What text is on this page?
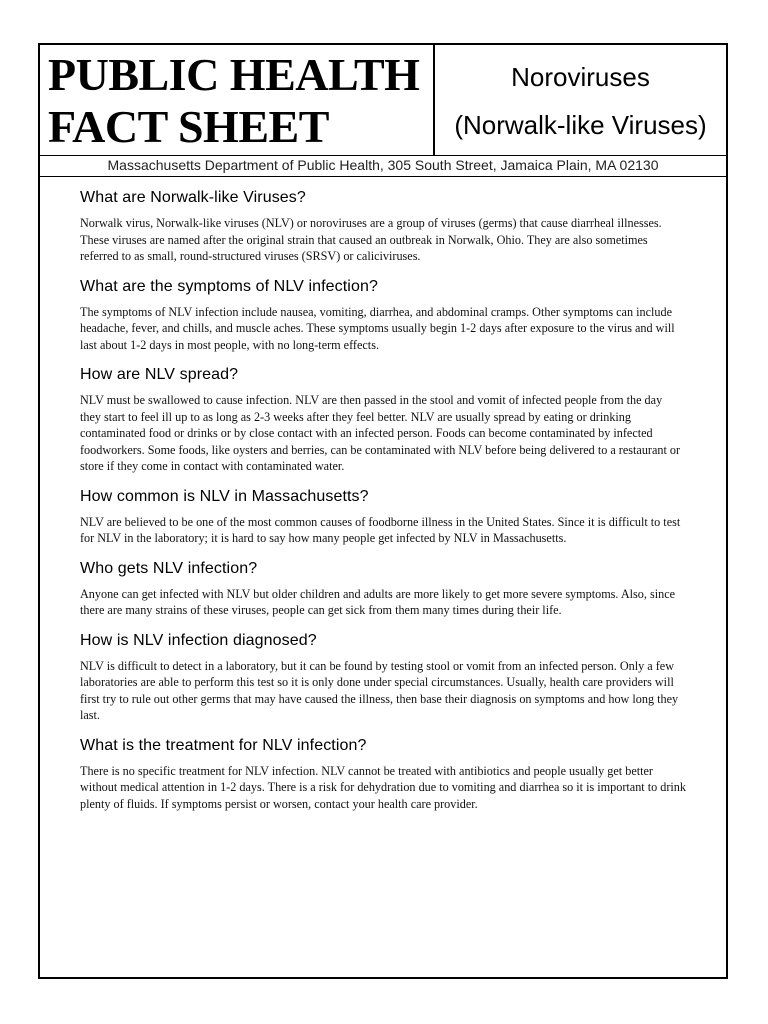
PUBLIC HEALTH
FACT SHEET
Noroviruses
(Norwalk-like Viruses)
Massachusetts Department of Public Health, 305 South Street, Jamaica Plain, MA 02130
What are Norwalk-like Viruses?

Norwalk virus, Norwalk-like viruses (NLV) or noroviruses are a group of viruses (germs) that cause diarrheal illnesses. These viruses are named after the original strain that caused an outbreak in Norwalk, Ohio. They are also sometimes referred to as small, round-structured viruses (SRSV) or caliciviruses.

What are the symptoms of NLV infection?

The symptoms of NLV infection include nausea, vomiting, diarrhea, and abdominal cramps. Other symptoms can include headache, fever, and chills, and muscle aches. These symptoms usually begin 1-2 days after exposure to the virus and will last about 1-2 days in most people, with no long-term effects.

How are NLV spread?

NLV must be swallowed to cause infection. NLV are then passed in the stool and vomit of infected people from the day they start to feel ill up to as long as 2-3 weeks after they feel better. NLV are usually spread by eating or drinking contaminated food or drinks or by close contact with an infected person. Foods can become contaminated by infected foodworkers. Some foods, like oysters and berries, can be contaminated with NLV before being delivered to a restaurant or store if they come in contact with contaminated water.

How common is NLV in Massachusetts?

NLV are believed to be one of the most common causes of foodborne illness in the United States. Since it is difficult to test for NLV in the laboratory; it is hard to say how many people get infected by NLV in Massachusetts.

Who gets NLV infection?

Anyone can get infected with NLV but older children and adults are more likely to get more severe symptoms. Also, since there are many strains of these viruses, people can get sick from them many times during their life.

How is NLV infection diagnosed?

NLV is difficult to detect in a laboratory, but it can be found by testing stool or vomit from an infected person. Only a few laboratories are able to perform this test so it is only done under special circumstances. Usually, health care providers will first try to rule out other germs that may have caused the illness, then base their diagnosis on symptoms and how long they last.

What is the treatment for NLV infection?

There is no specific treatment for NLV infection. NLV cannot be treated with antibiotics and people usually get better without medical attention in 1-2 days. There is a risk for dehydration due to vomiting and diarrhea so it is important to drink plenty of fluids. If symptoms persist or worsen, contact your health care provider.
